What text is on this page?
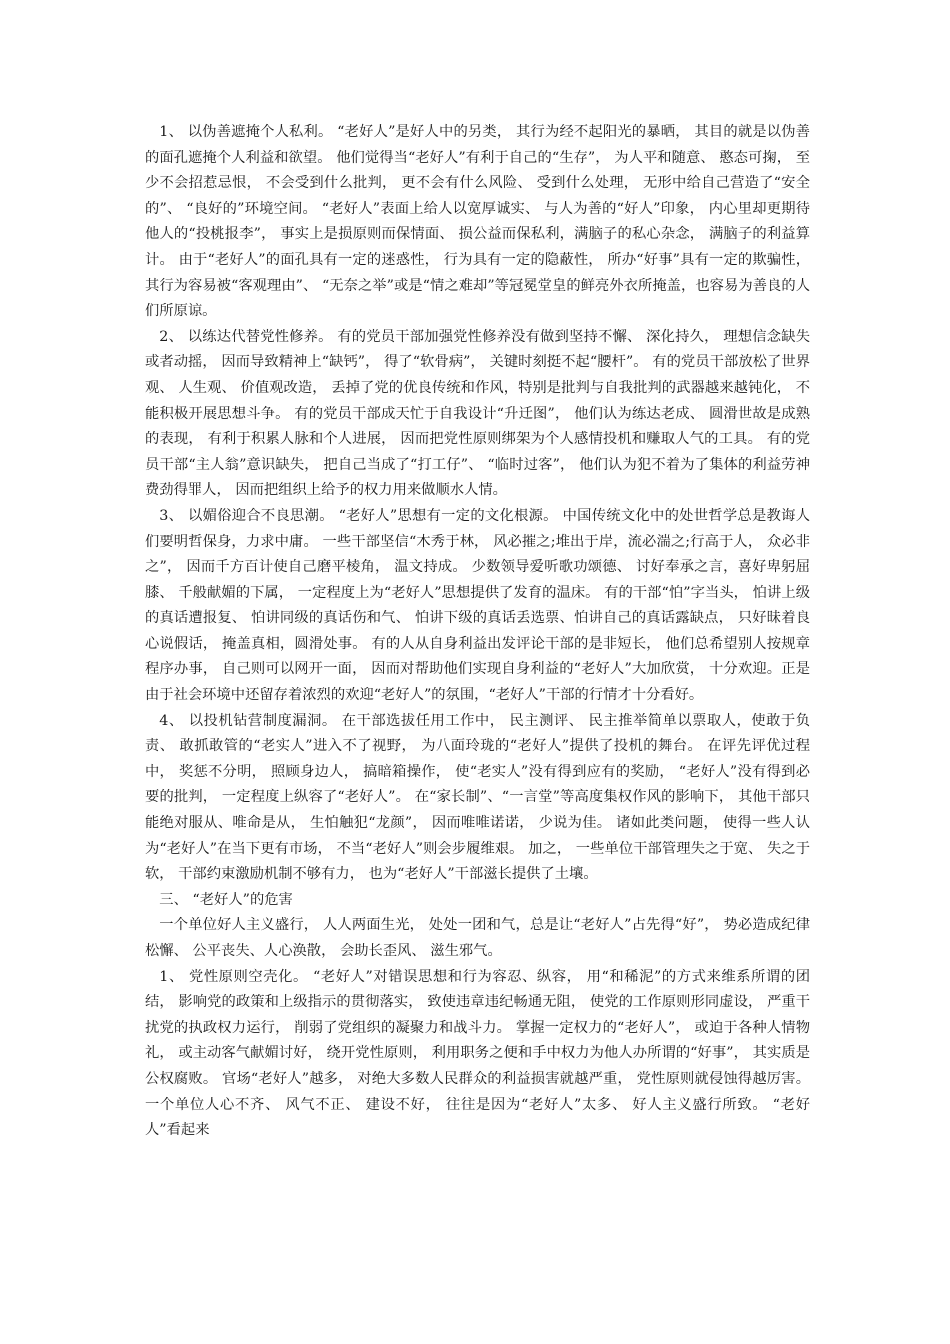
1、 以伪善遮掩个人私利。 “老好人”是好人中的另类， 其行为经不起阳光的暴晒， 其目的就是以伪善的面孔遮掩个人利益和欲望。 他们觉得当“老好人”有利于自己的“生存”， 为人平和随意、 憨态可掬， 至少不会招惹忌恨， 不会受到什么批判， 更不会有什么风险、 受到什么处理， 无形中给自己营造了“安全的”、 “良好的”环境空间。 “老好人”表面上给人以宽厚诚实、 与人为善的“好人”印象， 内心里却更期待他人的“投桃报李”， 事实上是损原则而保情面、 损公益而保私利，满脑子的私心杂念， 满脑子的利益算计。 由于“老好人”的面孔具有一定的迷惑性， 行为具有一定的隐蔽性， 所办“好事”具有一定的欺骗性， 其行为容易被“客观理由”、 “无奈之举”或是“情之难却”等冠冕堂皇的鲜亮外衣所掩盖，也容易为善良的人们所原谅。

2、 以练达代替党性修养。 有的党员干部加强党性修养没有做到坚持不懈、 深化持久， 理想信念缺失或者动摇， 因而导致精神上“缺钙”， 得了“软骨病”， 关键时刻挺不起“腰杆”。 有的党员干部放松了世界观、 人生观、 价值观改造， 丢掉了党的优良传统和作风，特别是批判与自我批判的武器越来越钝化， 不能积极开展思想斗争。 有的党员干部成天忙于自我设计“升迁图”， 他们认为练达老成、 圆滑世故是成熟的表现， 有利于积累人脉和个人进展， 因而把党性原则绑架为个人感情投机和赚取人气的工具。 有的党员干部“主人翁”意识缺失， 把自己当成了“打工仔”、 “临时过客”， 他们认为犯不着为了集体的利益劳神费劲得罪人， 因而把组织上给予的权力用来做顺水人情。

3、 以媚俗迎合不良思潮。 “老好人”思想有一定的文化根源。 中国传统文化中的处世哲学总是教诲人们要明哲保身，力求中庸。 一些干部坚信“木秀于林， 风必摧之;堆出于岸，流必湍之;行高于人， 众必非之”， 因而千方百计使自己磨平棱角， 温文持成。 少数领导爱听歌功颂德、 讨好奉承之言，喜好卑躬屈膝、 千般献媚的下属， 一定程度上为“老好人”思想提供了发育的温床。 有的干部“怕”字当头， 怕讲上级的真话遭报复、 怕讲同级的真话伤和气、 怕讲下级的真话丢选票、怕讲自己的真话露缺点， 只好昧着良心说假话， 掩盖真相，圆滑处事。 有的人从自身利益出发评论干部的是非短长， 他们总希望别人按规章程序办事， 自己则可以网开一面， 因而对帮助他们实现自身利益的“老好人”大加欣赏， 十分欢迎。正是由于社会环境中还留存着浓烈的欢迎“老好人”的氛围，“老好人”干部的行情才十分看好。

4、 以投机钻营制度漏洞。 在干部选拔任用工作中， 民主测评、 民主推举简单以票取人，使敢于负责、 敢抓敢管的“老实人”进入不了视野， 为八面玲珑的“老好人”提供了投机的舞台。 在评先评优过程中， 奖惩不分明， 照顾身边人， 搞暗箱操作， 使“老实人”没有得到应有的奖励， “老好人”没有得到必要的批判， 一定程度上纵容了“老好人”。 在“家长制”、“一言堂”等高度集权作风的影响下， 其他干部只能绝对服从、唯命是从， 生怕触犯“龙颜”， 因而唯唯诺诺， 少说为佳。 诸如此类问题， 使得一些人认为“老好人”在当下更有市场， 不当“老好人”则会步履维艰。 加之， 一些单位干部管理失之于宽、 失之于软， 干部约束激励机制不够有力， 也为“老好人”干部滋长提供了土壤。

三、 “老好人”的危害

一个单位好人主义盛行， 人人两面生光， 处处一团和气，总是让“老好人”占先得“好”， 势必造成纪律松懈、 公平丧失、人心涣散， 会助长歪风、 滋生邪气。

1、 党性原则空壳化。 “老好人”对错误思想和行为容忍、纵容， 用“和稀泥”的方式来维系所谓的团结， 影响党的政策和上级指示的贯彻落实， 致使违章违纪畅通无阻， 使党的工作原则形同虚设， 严重干扰党的执政权力运行， 削弱了党组织的凝聚力和战斗力。 掌握一定权力的“老好人”， 或迫于各种人情物礼， 或主动客气献媚讨好， 绕开党性原则， 利用职务之便和手中权力为他人办所谓的“好事”， 其实质是公权腐败。 官场“老好人”越多， 对绝大多数人民群众的利益损害就越严重， 党性原则就侵蚀得越厉害。 一个单位人心不齐、 风气不正、 建设不好， 往往是因为“老好人”太多、 好人主义盛行所致。 “老好人”看起来
